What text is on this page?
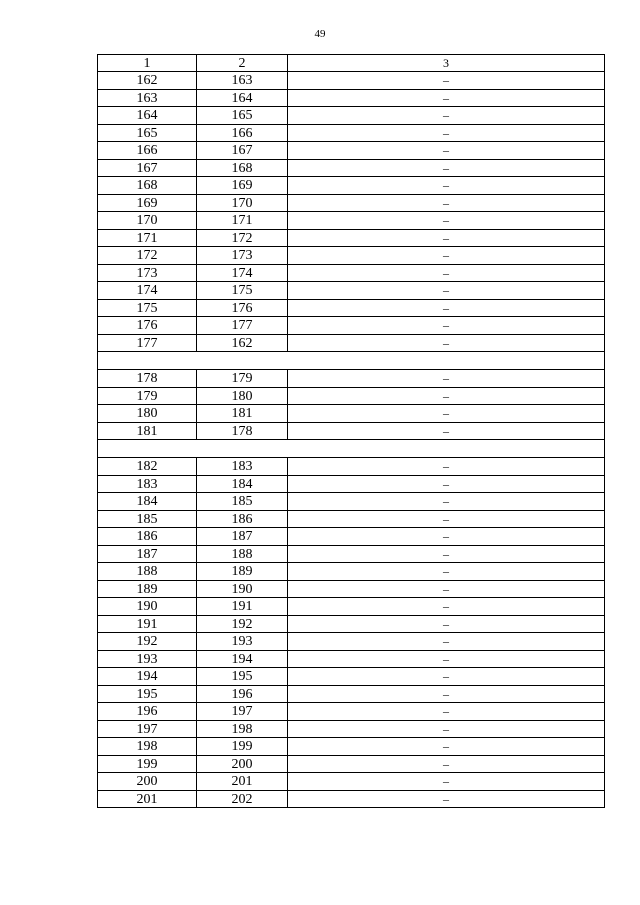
49
1	2	3
162	163	–
163	164	–
164	165	–
165	166	–
166	167	–
167	168	–
168	169	–
169	170	–
170	171	–
171	172	–
172	173	–
173	174	–
174	175	–
175	176	–
176	177	–
177	162	–
178	179	–
179	180	–
180	181	–
181	178	–
182	183	–
183	184	–
184	185	–
185	186	–
186	187	–
187	188	–
188	189	–
189	190	–
190	191	–
191	192	–
192	193	–
193	194	–
194	195	–
195	196	–
196	197	–
197	198	–
198	199	–
199	200	–
200	201	–
201	202	–
